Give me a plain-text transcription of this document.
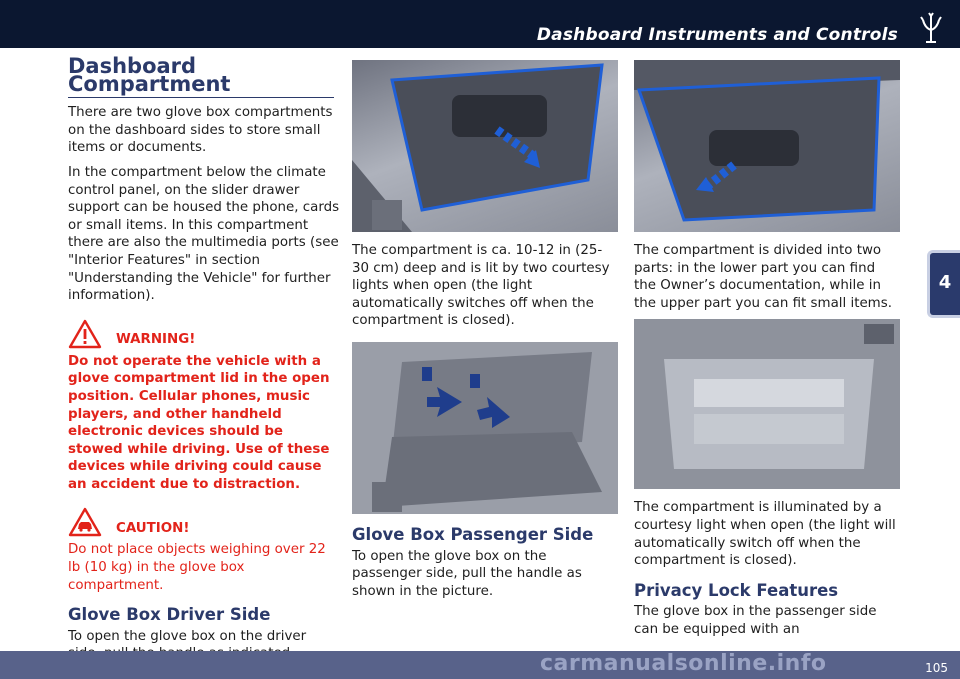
Dashboard Instruments and Controls
4
Dashboard Compartment

There are two glove box compartments on the dashboard sides to store small items or documents.

In the compartment below the climate control panel, on the slider drawer support can be housed the phone, cards or small items. In this compartment there are also the multimedia ports (see "Interior Features" in section "Understanding the Vehicle" for further information).

WARNING!

Do not operate the vehicle with a glove compartment lid in the open position. Cellular phones, music players, and other handheld electronic devices should be stowed while driving. Use of these devices while driving could cause an accident due to distraction.

CAUTION!

Do not place objects weighing over 22 lb (10 kg) in the glove box compartment.

Glove Box Driver Side

To open the glove box on the driver

The compartment is ca. 10-12 in (25-30 cm) deep and is lit by two courtesy lights when open (the light automatically switches off when the compartment is closed).

Glove Box Passenger Side

To open the glove box on the passenger side, pull the handle as shown in the picture.

The compartment is divided into two parts: in the lower part you can find the Owner’s documentation, while in the upper part you can fit small items.

The compartment is illuminated by a courtesy light when open (the light will automatically switch off when the compartment is closed).

Privacy Lock Features

The glove box in the passenger side can be equipped with an

carmanualsonline.info	105
